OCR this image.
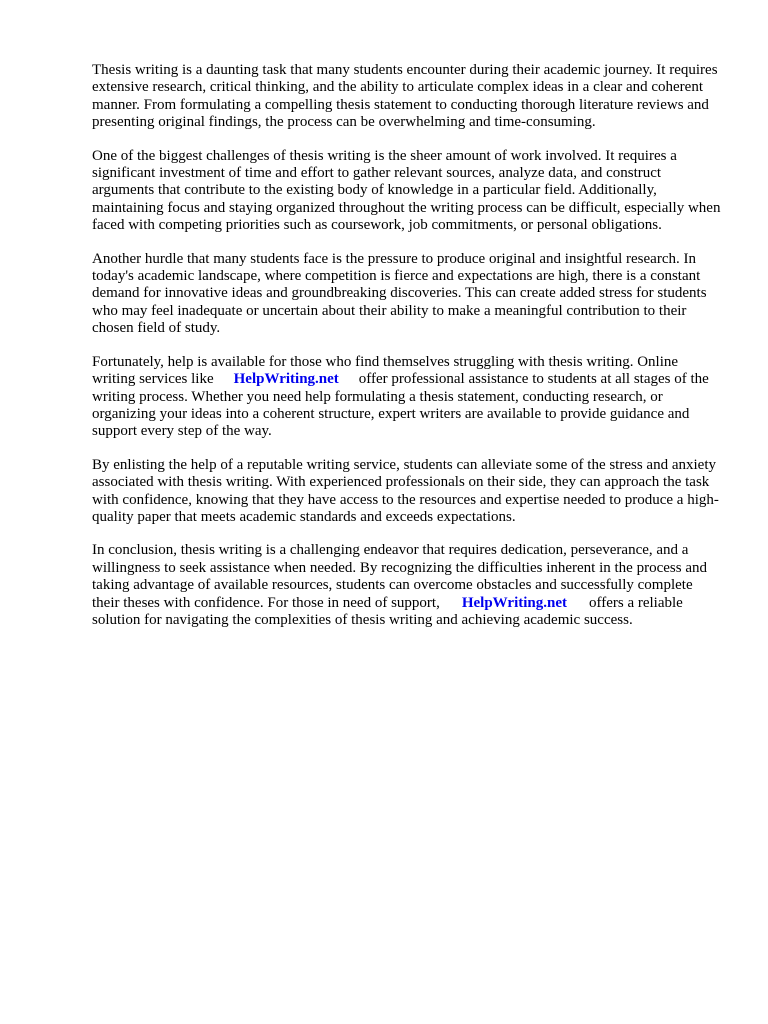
Thesis writing is a daunting task that many students encounter during their academic journey. It requires extensive research, critical thinking, and the ability to articulate complex ideas in a clear and coherent manner. From formulating a compelling thesis statement to conducting thorough literature reviews and presenting original findings, the process can be overwhelming and time-consuming.

One of the biggest challenges of thesis writing is the sheer amount of work involved. It requires a significant investment of time and effort to gather relevant sources, analyze data, and construct arguments that contribute to the existing body of knowledge in a particular field. Additionally, maintaining focus and staying organized throughout the writing process can be difficult, especially when faced with competing priorities such as coursework, job commitments, or personal obligations.

Another hurdle that many students face is the pressure to produce original and insightful research. In today's academic landscape, where competition is fierce and expectations are high, there is a constant demand for innovative ideas and groundbreaking discoveries. This can create added stress for students who may feel inadequate or uncertain about their ability to make a meaningful contribution to their chosen field of study.

Fortunately, help is available for those who find themselves struggling with thesis writing. Online writing services like HelpWriting.net offer professional assistance to students at all stages of the writing process. Whether you need help formulating a thesis statement, conducting research, or organizing your ideas into a coherent structure, expert writers are available to provide guidance and support every step of the way.

By enlisting the help of a reputable writing service, students can alleviate some of the stress and anxiety associated with thesis writing. With experienced professionals on their side, they can approach the task with confidence, knowing that they have access to the resources and expertise needed to produce a high-quality paper that meets academic standards and exceeds expectations.

In conclusion, thesis writing is a challenging endeavor that requires dedication, perseverance, and a willingness to seek assistance when needed. By recognizing the difficulties inherent in the process and taking advantage of available resources, students can overcome obstacles and successfully complete their theses with confidence. For those in need of support, HelpWriting.net offers a reliable solution for navigating the complexities of thesis writing and achieving academic success.
